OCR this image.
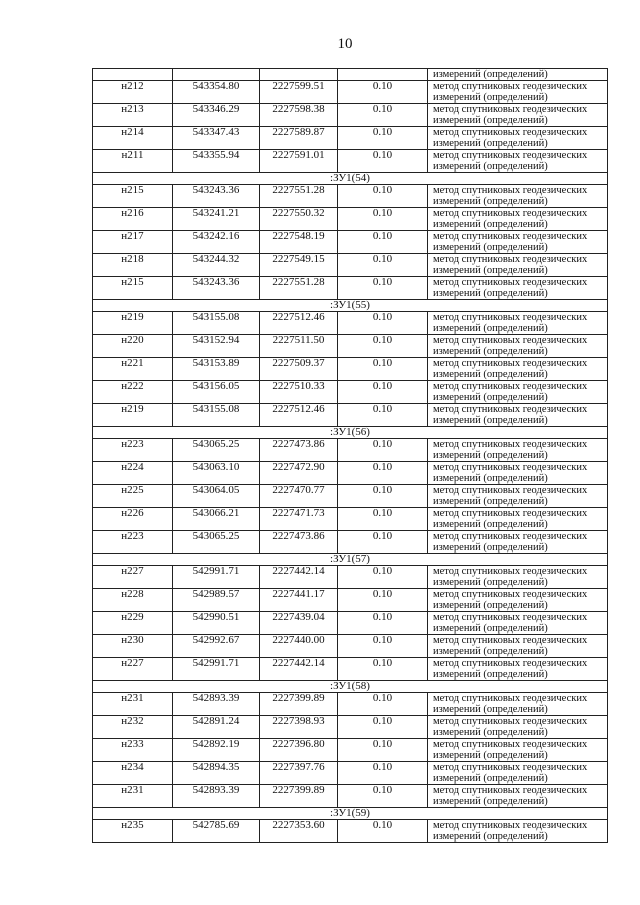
10

				измерений (определений)

н212	543354.80	2227599.51	0.10	метод спутниковых геодезических
измерений (определений)

н213	543346.29	2227598.38	0.10	метод спутниковых геодезических
измерений (определений)

н214	543347.43	2227589.87	0.10	метод спутниковых геодезических
измерений (определений)

н211	543355.94	2227591.01	0.10	метод спутниковых геодезических
измерений (определений)

:ЗУ1(54)				
н215	543243.36	2227551.28	0.10	метод спутниковых геодезических
измерений (определений)

н216	543241.21	2227550.32	0.10	метод спутниковых геодезических
измерений (определений)

н217	543242.16	2227548.19	0.10	метод спутниковых геодезических
измерений (определений)

н218	543244.32	2227549.15	0.10	метод спутниковых геодезических
измерений (определений)

н215	543243.36	2227551.28	0.10	метод спутниковых геодезических
измерений (определений)

:ЗУ1(55)				
н219	543155.08	2227512.46	0.10	метод спутниковых геодезических
измерений (определений)

н220	543152.94	2227511.50	0.10	метод спутниковых геодезических
измерений (определений)

н221	543153.89	2227509.37	0.10	метод спутниковых геодезических
измерений (определений)

н222	543156.05	2227510.33	0.10	метод спутниковых геодезических
измерений (определений)

н219	543155.08	2227512.46	0.10	метод спутниковых геодезических
измерений (определений)

:ЗУ1(56)				
н223	543065.25	2227473.86	0.10	метод спутниковых геодезических
измерений (определений)

н224	543063.10	2227472.90	0.10	метод спутниковых геодезических
измерений (определений)

н225	543064.05	2227470.77	0.10	метод спутниковых геодезических
измерений (определений)

н226	543066.21	2227471.73	0.10	метод спутниковых геодезических
измерений (определений)

н223	543065.25	2227473.86	0.10	метод спутниковых геодезических
измерений (определений)

:ЗУ1(57)				
н227	542991.71	2227442.14	0.10	метод спутниковых геодезических
измерений (определений)

н228	542989.57	2227441.17	0.10	метод спутниковых геодезических
измерений (определений)

н229	542990.51	2227439.04	0.10	метод спутниковых геодезических
измерений (определений)

н230	542992.67	2227440.00	0.10	метод спутниковых геодезических
измерений (определений)

н227	542991.71	2227442.14	0.10	метод спутниковых геодезических
измерений (определений)

:ЗУ1(58)				
н231	542893.39	2227399.89	0.10	метод спутниковых геодезических
измерений (определений)

н232	542891.24	2227398.93	0.10	метод спутниковых геодезических
измерений (определений)

н233	542892.19	2227396.80	0.10	метод спутниковых геодезических
измерений (определений)

н234	542894.35	2227397.76	0.10	метод спутниковых геодезических
измерений (определений)

н231	542893.39	2227399.89	0.10	метод спутниковых геодезических
измерений (определений)

:ЗУ1(59)				
н235	542785.69	2227353.60	0.10	метод спутниковых геодезических
измерений (определений)
